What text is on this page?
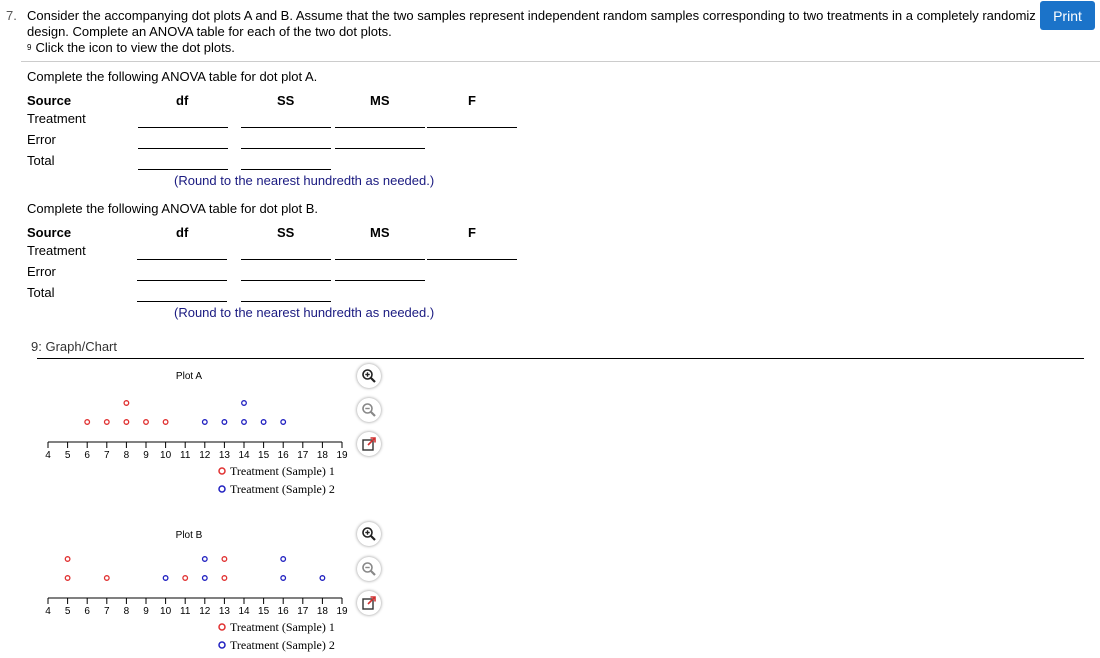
7. Consider the accompanying dot plots A and B. Assume that the two samples represent independent random samples corresponding to two treatments in a completely randomiz
design. Complete an ANOVA table for each of the two dot plots.
$^9$ Click the icon to view the dot plots.
Print
Complete the following ANOVA table for dot plot A.
Source	df	SS	MS	F
Treatment
Error
Total
(Round to the nearest hundredth as needed.)
Complete the following ANOVA table for dot plot B.
Source	df	SS	MS	F
Treatment
Error
Total
(Round to the nearest hundredth as needed.)
9: Graph/Chart
Plot A
4 5 6 7 8 9 10 11 12 13 14 15 16 17 18 19
Treatment (Sample) 1
Treatment (Sample) 2
Plot B
4 5 6 7 8 9 10 11 12 13 14 15 16 17 18 19
Treatment (Sample) 1
Treatment (Sample) 2
